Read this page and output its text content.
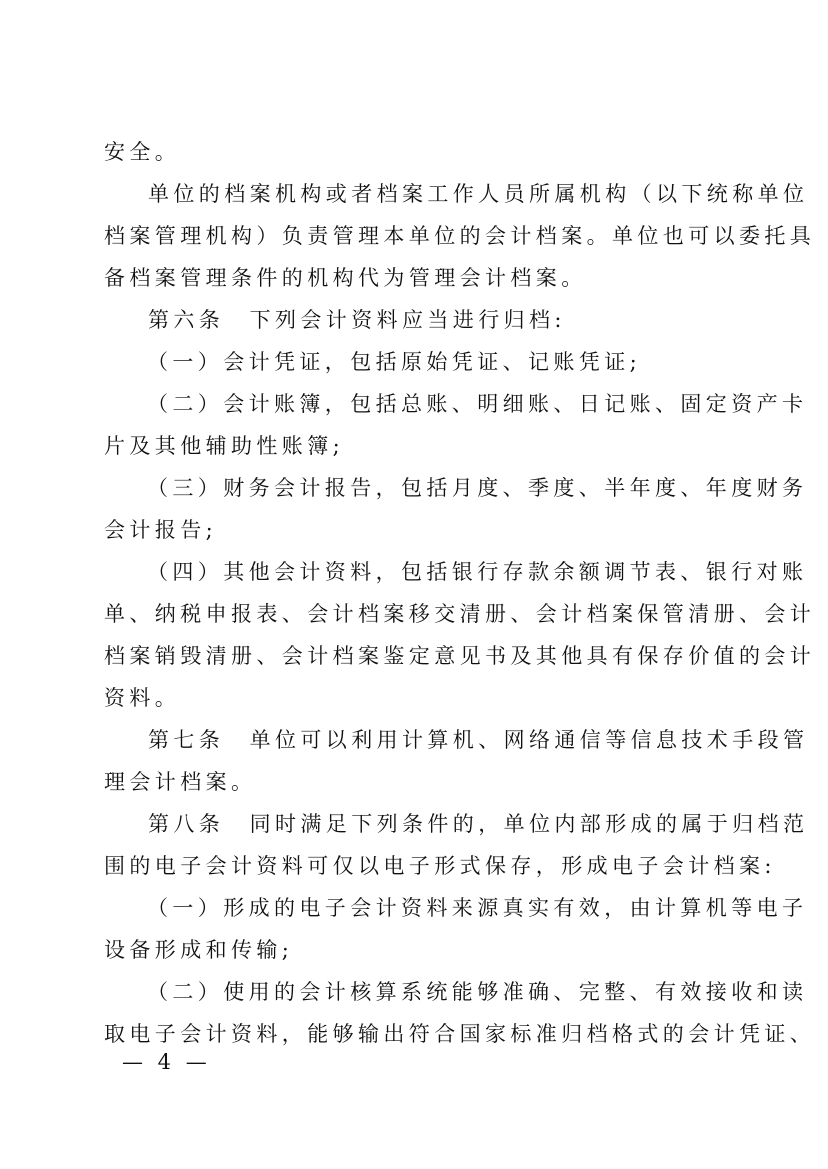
安全。
单位的档案机构或者档案工作人员所属机构（以下统称单位
档案管理机构）负责管理本单位的会计档案。单位也可以委托具
备档案管理条件的机构代为管理会计档案。
第六条　下列会计资料应当进行归档:
（一）会计凭证，包括原始凭证、记账凭证;
（二）会计账簿，包括总账、明细账、日记账、固定资产卡
片及其他辅助性账簿;
（三）财务会计报告，包括月度、季度、半年度、年度财务
会计报告;
（四）其他会计资料，包括银行存款余额调节表、银行对账
单、纳税申报表、会计档案移交清册、会计档案保管清册、会计
档案销毁清册、会计档案鉴定意见书及其他具有保存价值的会计
资料。
第七条　单位可以利用计算机、网络通信等信息技术手段管
理会计档案。
第八条　同时满足下列条件的，单位内部形成的属于归档范
围的电子会计资料可仅以电子形式保存，形成电子会计档案:
（一）形成的电子会计资料来源真实有效，由计算机等电子
设备形成和传输;
（二）使用的会计核算系统能够准确、完整、有效接收和读
取电子会计资料，能够输出符合国家标准归档格式的会计凭证、
— 4 —
